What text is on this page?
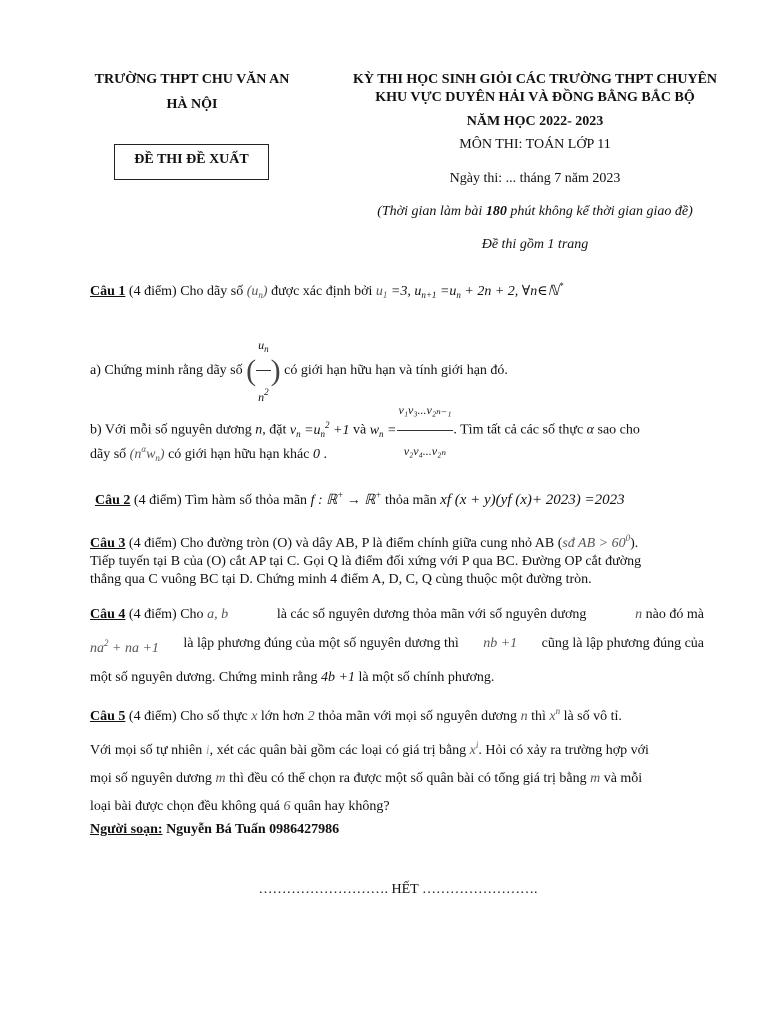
TRƯỜNG THPT CHU VĂN AN
HÀ NỘI
ĐỀ THI ĐỀ XUẤT
KỲ THI HỌC SINH GIỎI CÁC TRƯỜNG THPT CHUYÊN
KHU VỰC DUYÊN HẢI VÀ ĐỒNG BẰNG BẮC BỘ
NĂM HỌC 2022- 2023
MÔN THI: TOÁN LỚP 11
Ngày thi: ... tháng 7 năm 2023
(Thời gian làm bài 180 phút không kể thời gian giao đề)
Đề thi gồm 1 trang
Câu 1 (4 điểm) Cho dãy số $(u_n)$ được xác định bởi $u_1 =3$, $u_{n+1} =u_n + 2n + 2$, ∀n∈ℕ*
a) Chứng minh rằng dãy số ( $\frac{u_n}{n^2}$ ) có giới hạn hữu hạn và tính giới hạn đó.
b) Với mỗi số nguyên dương n, đặt $v_n =u_n^2 +1$ và $w_n = \frac{\text{v₁v₃...v₂ₙ₋₁}}{\text{v₂v₄...v₂ₙ}}$ . Tìm tất cả các số thực α sao cho
dãy số $(n^\alpha w_n)$ có giới hạn hữu hạn khác 0 .
Câu 2 (4 điểm) Tìm hàm số thỏa mãn f : ℝ+ → ℝ+ thỏa mãn xf (x + y)(yf (x)+ 2023) =2023
Câu 3 (4 điểm) Cho đường tròn (O) và dây AB, P là điểm chính giữa cung nhỏ AB (sđ AB > $60^0$).
Tiếp tuyến tại B của (O) cắt AP tại C. Gọi Q là điểm đối xứng với P qua BC. Đường OP cắt đường
thẳng qua C vuông BC tại D. Chứng minh 4 điểm A, D, C, Q cùng thuộc một đường tròn.
Câu 4 (4 điểm) Cho a, b	là các số nguyên dương thỏa mãn với số nguyên dương	n nào đó mà
$na^2$ + na +1 là lập phương đúng của một số nguyên dương thì nb +1 cũng là lập phương đúng của
một số nguyên dương. Chứng minh rằng 4b +1 là một số chính phương.
Câu 5 (4 điểm) Cho số thực x lớn hơn 2 thỏa mãn với mọi số nguyên dương n thì $x^n$ là số vô tỉ.
Với mọi số tự nhiên i, xét các quân bài gồm các loại có giá trị bằng $x^i$. Hỏi có xảy ra trường hợp với
mọi số nguyên dương m thì đều có thể chọn ra được một số quân bài có tổng giá trị bằng m và mỗi
loại bài được chọn đều không quá 6 quân hay không?
Người soạn: Nguyễn Bá Tuấn 0986427986
………………………. HẾT …………………….
